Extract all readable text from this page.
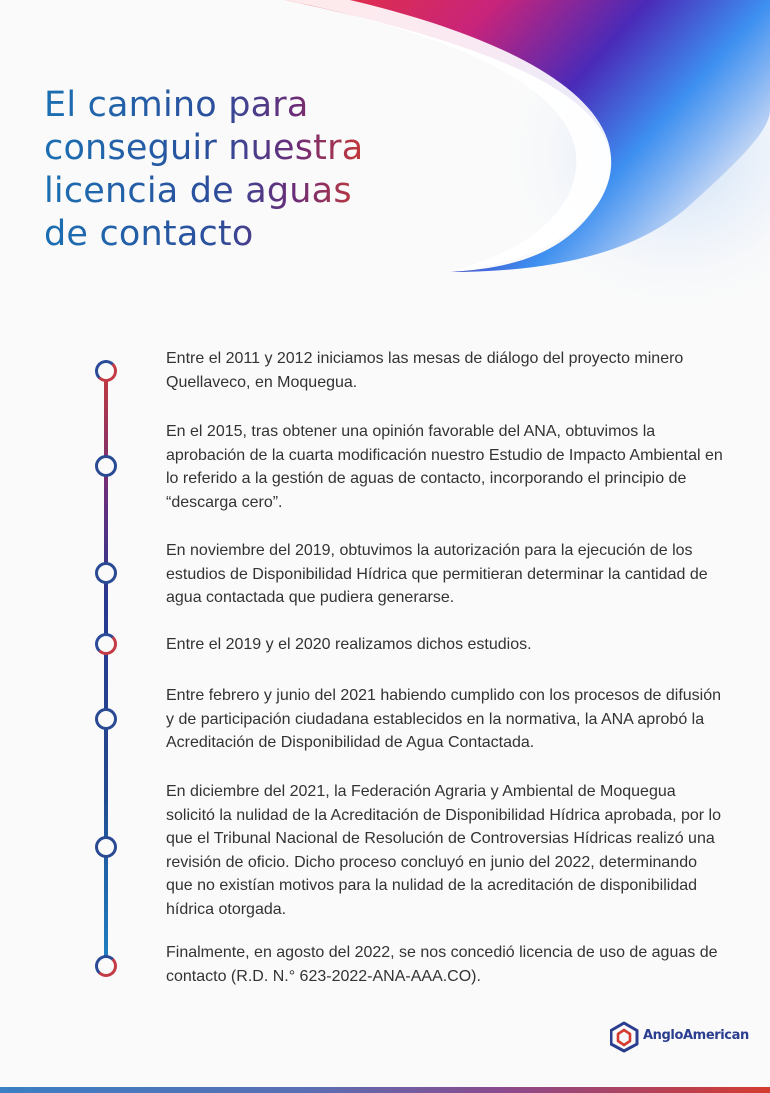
El camino para
conseguir nuestra
licencia de aguas
de contacto

Entre el 2011 y 2012 iniciamos las mesas de diálogo del proyecto minero Quellaveco, en Moquegua.

En el 2015, tras obtener una opinión favorable del ANA, obtuvimos la aprobación de la cuarta modificación nuestro Estudio de Impacto Ambiental en lo referido a la gestión de aguas de contacto, incorporando el principio de “descarga cero”.

En noviembre del 2019, obtuvimos la autorización para la ejecución de los estudios de Disponibilidad Hídrica que permitieran determinar la cantidad de agua contactada que pudiera generarse.

Entre el 2019 y el 2020 realizamos dichos estudios.

Entre febrero y junio del 2021 habiendo cumplido con los procesos de difusión y de participación ciudadana establecidos en la normativa, la ANA aprobó la Acreditación de Disponibilidad de Agua Contactada.

En diciembre del 2021, la Federación Agraria y Ambiental de Moquegua solicitó la nulidad de la Acreditación de Disponibilidad Hídrica aprobada, por lo que el Tribunal Nacional de Resolución de Controversias Hídricas realizó una revisión de oficio. Dicho proceso concluyó en junio del 2022, determinando que no existían motivos para la nulidad de la acreditación de disponibilidad hídrica otorgada.

Finalmente, en agosto del 2022, se nos concedió licencia de uso de aguas de contacto (R.D. N.° 623-2022-ANA-AAA.CO).

AngloAmerican
